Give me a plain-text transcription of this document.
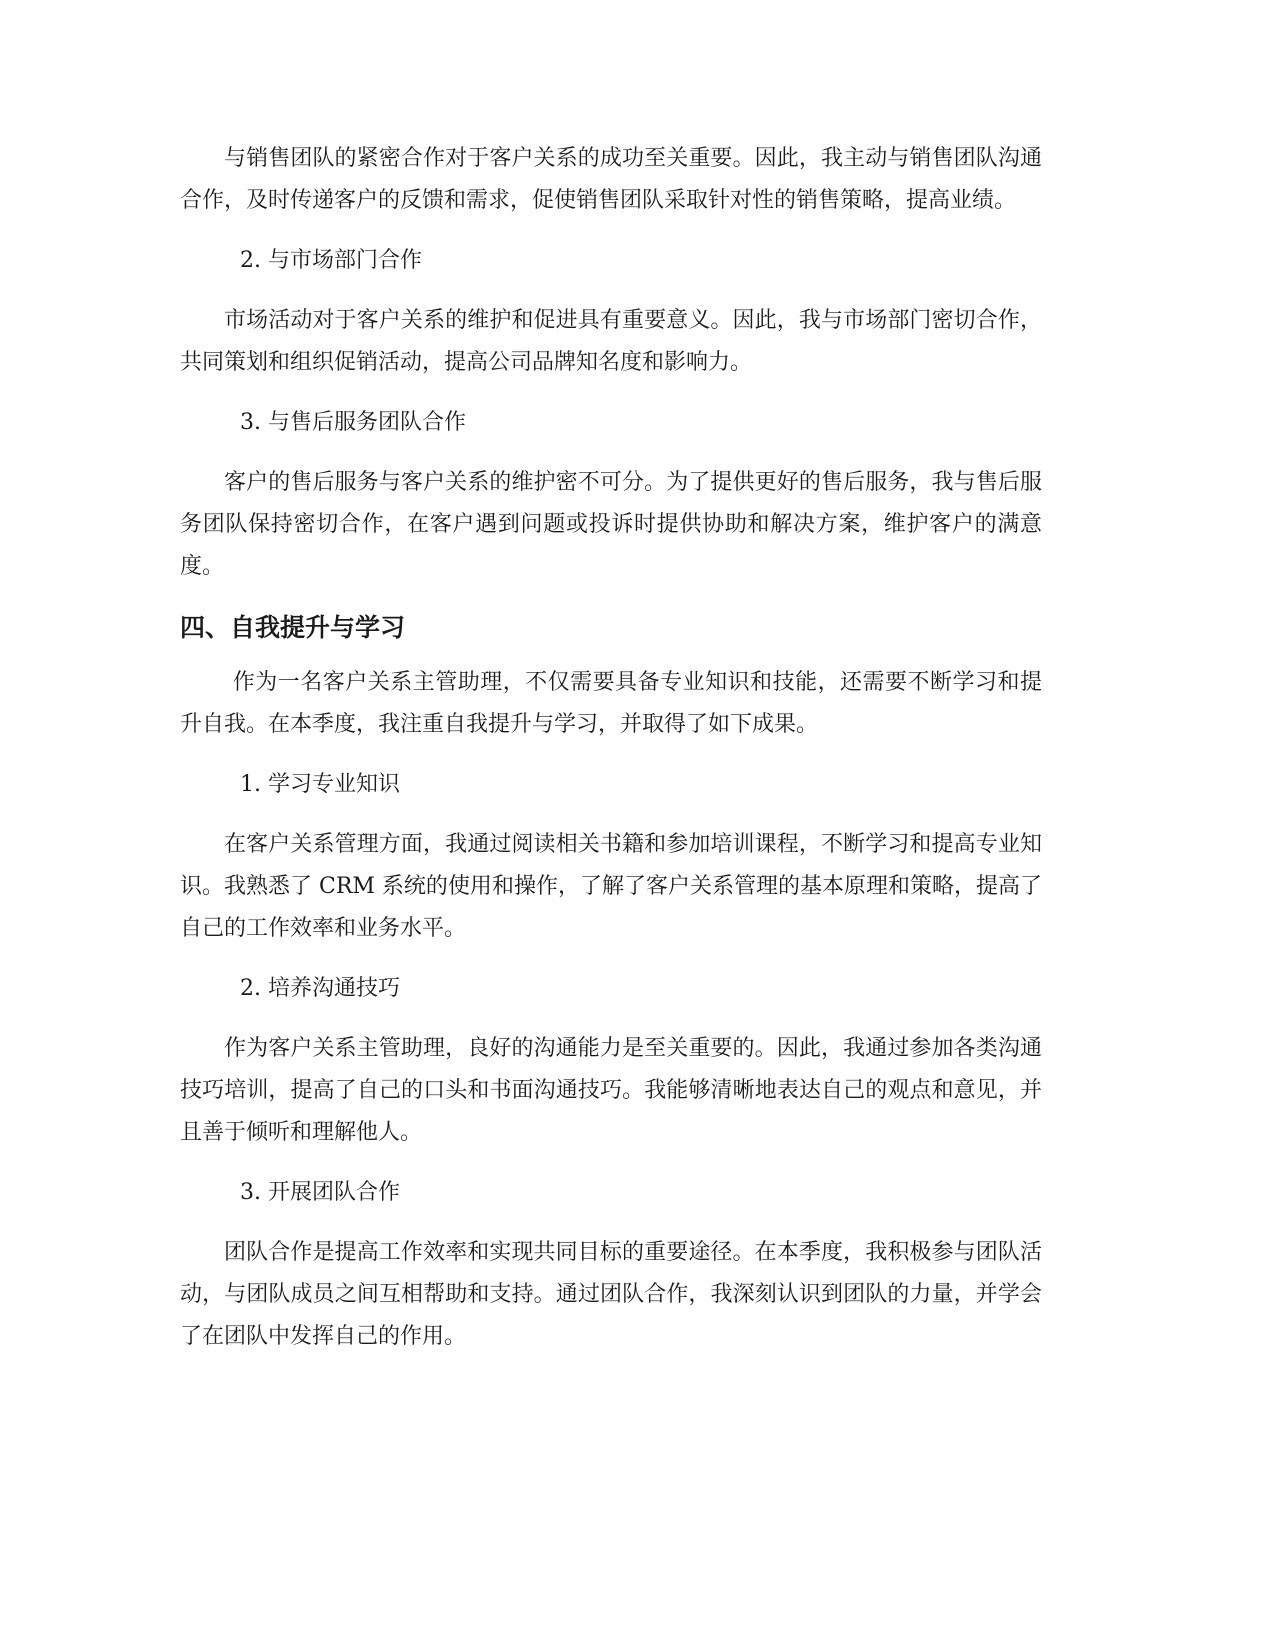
与销售团队的紧密合作对于客户关系的成功至关重要。因此，我主动与销售团队沟通合作，及时传递客户的反馈和需求，促使销售团队采取针对性的销售策略，提高业绩。

2. 与市场部门合作

市场活动对于客户关系的维护和促进具有重要意义。因此，我与市场部门密切合作，共同策划和组织促销活动，提高公司品牌知名度和影响力。

3. 与售后服务团队合作

客户的售后服务与客户关系的维护密不可分。为了提供更好的售后服务，我与售后服务团队保持密切合作，在客户遇到问题或投诉时提供协助和解决方案，维护客户的满意度。

四、自我提升与学习

作为一名客户关系主管助理，不仅需要具备专业知识和技能，还需要不断学习和提升自我。在本季度，我注重自我提升与学习，并取得了如下成果。

1. 学习专业知识

在客户关系管理方面，我通过阅读相关书籍和参加培训课程，不断学习和提高专业知识。我熟悉了 CRM 系统的使用和操作，了解了客户关系管理的基本原理和策略，提高了自己的工作效率和业务水平。

2. 培养沟通技巧

作为客户关系主管助理，良好的沟通能力是至关重要的。因此，我通过参加各类沟通技巧培训，提高了自己的口头和书面沟通技巧。我能够清晰地表达自己的观点和意见，并且善于倾听和理解他人。

3. 开展团队合作

团队合作是提高工作效率和实现共同目标的重要途径。在本季度，我积极参与团队活动，与团队成员之间互相帮助和支持。通过团队合作，我深刻认识到团队的力量，并学会了在团队中发挥自己的作用。
